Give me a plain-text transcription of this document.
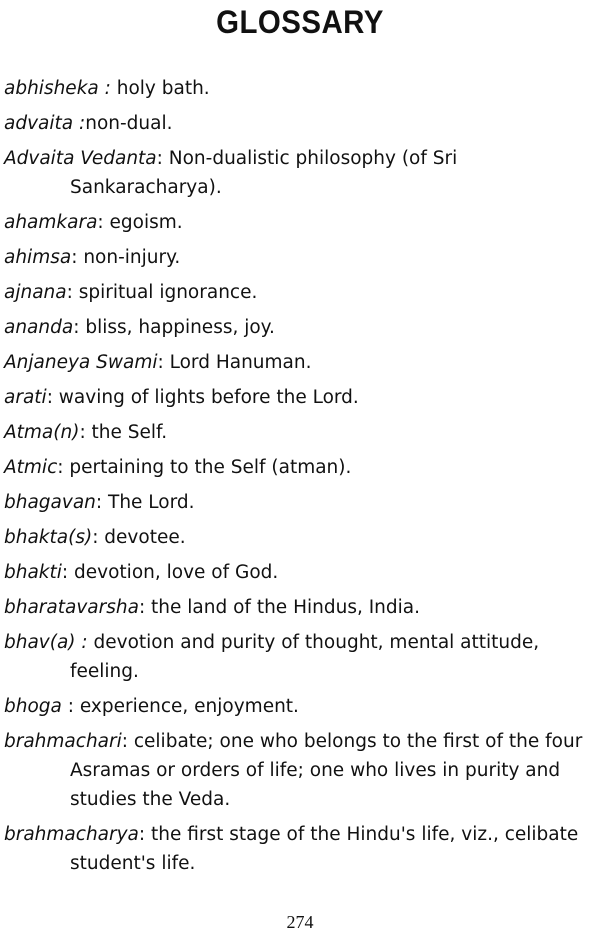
GLOSSARY

abhisheka : holy bath.

advaita :non-dual.

Advaita Vedanta: Non-dualistic philosophy (of Sri Sankaracharya).

ahamkara: egoism.

ahimsa: non-injury.

ajnana: spiritual ignorance.

ananda: bliss, happiness, joy.

Anjaneya Swami: Lord Hanuman.

arati: waving of lights before the Lord.

Atma(n): the Self.

Atmic: pertaining to the Self (atman).

bhagavan: The Lord.

bhakta(s): devotee.

bhakti: devotion, love of God.

bharatavarsha: the land of the Hindus, India.

bhav(a) : devotion and purity of thought, mental attitude, feeling.

bhoga : experience, enjoyment.

brahmachari: celibate; one who belongs to the first of the four Asramas or orders of life; one who lives in purity and studies the Veda.

brahmacharya: the first stage of the Hindu's life, viz., celibate student's life.

274
